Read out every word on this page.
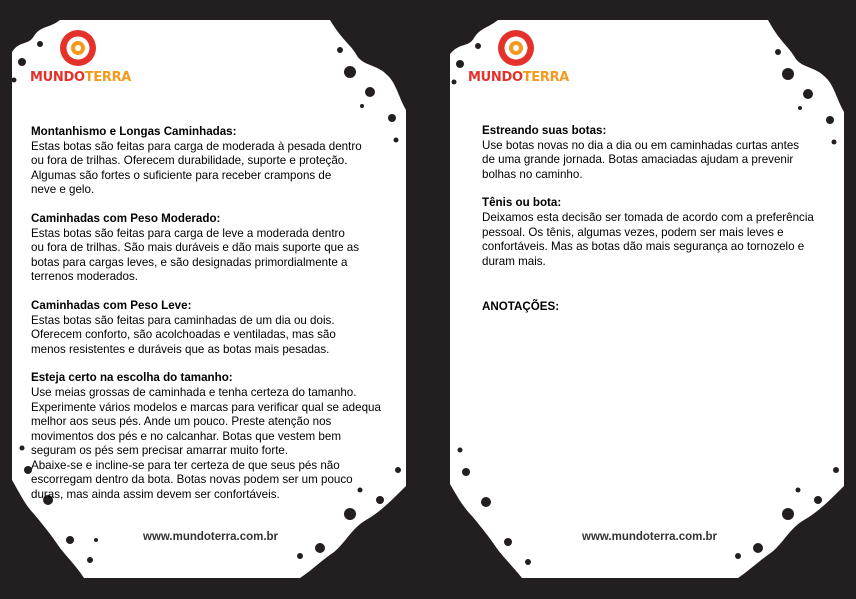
MUNDOTERRA
www.mundoterra.com.br
Montanhismo e Longas Caminhadas:

Estas botas são feitas para carga de moderada à pesada dentro
ou fora de trilhas. Oferecem durabilidade, suporte e proteção.
Algumas são fortes o suficiente para receber crampons de
neve e gelo.

Caminhadas com Peso Moderado:

Estas botas são feitas para carga de leve a moderada dentro
ou fora de trilhas. São mais duráveis e dão mais suporte que as
botas para cargas leves, e são designadas primordialmente a
terrenos moderados.

Caminhadas com Peso Leve:

Estas botas são feitas para caminhadas de um dia ou dois.
Oferecem conforto, são acolchoadas e ventiladas, mas são
menos resistentes e duráveis que as botas mais pesadas.

Esteja certo na escolha do tamanho:

Use meias grossas de caminhada e tenha certeza do tamanho.
Experimente vários modelos e marcas para verificar qual se adequa
melhor aos seus pés. Ande um pouco. Preste atenção nos
movimentos dos pés e no calcanhar. Botas que vestem bem
seguram os pés sem precisar amarrar muito forte.
Abaixe-se e incline-se para ter certeza de que seus pés não
escorregam dentro da bota. Botas novas podem ser um pouco
duras, mas ainda assim devem ser confortáveis.

MUNDOTERRA
www.mundoterra.com.br
Estreando suas botas:

Use botas novas no dia a dia ou em caminhadas curtas antes
de uma grande jornada. Botas amaciadas ajudam a prevenir
bolhas no caminho.

Tênis ou bota:

Deixamos esta decisão ser tomada de acordo com a preferência
pessoal. Os tênis, algumas vezes, podem ser mais leves e
confortáveis. Mas as botas dão mais segurança ao tornozelo e
duram mais.

ANOTAÇÕES:
